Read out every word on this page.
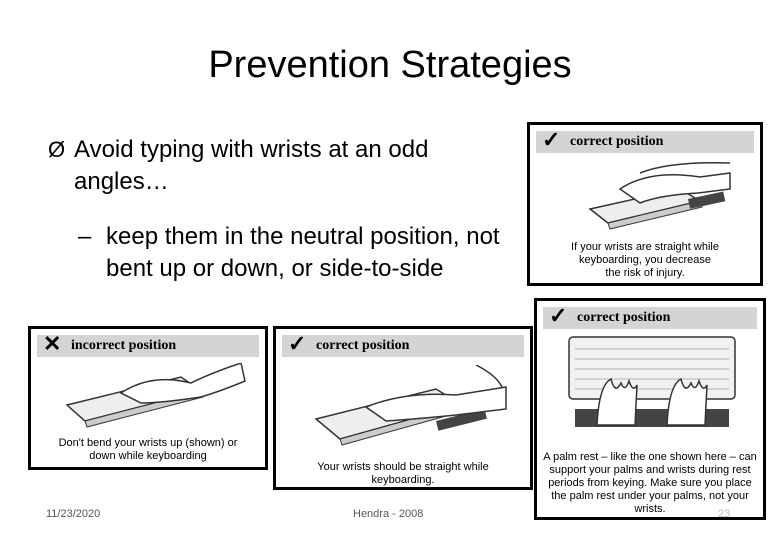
Prevention Strategies
Ø Avoid typing with wrists at an odd angles…
– keep them in the neutral position, not bent up or down, or side-to-side
✓ correct position
If your wrists are straight while keyboarding, you decrease the risk of injury.
✕ incorrect position
Don't bend your wrists up (shown) or down while keyboarding
✓ correct position
Your wrists should be straight while keyboarding.
✓ correct position
A palm rest – like the one shown here – can support your palms and wrists during rest periods from keying. Make sure you place the palm rest under your palms, not your wrists.
11/23/2020	Hendra - 2008	23
